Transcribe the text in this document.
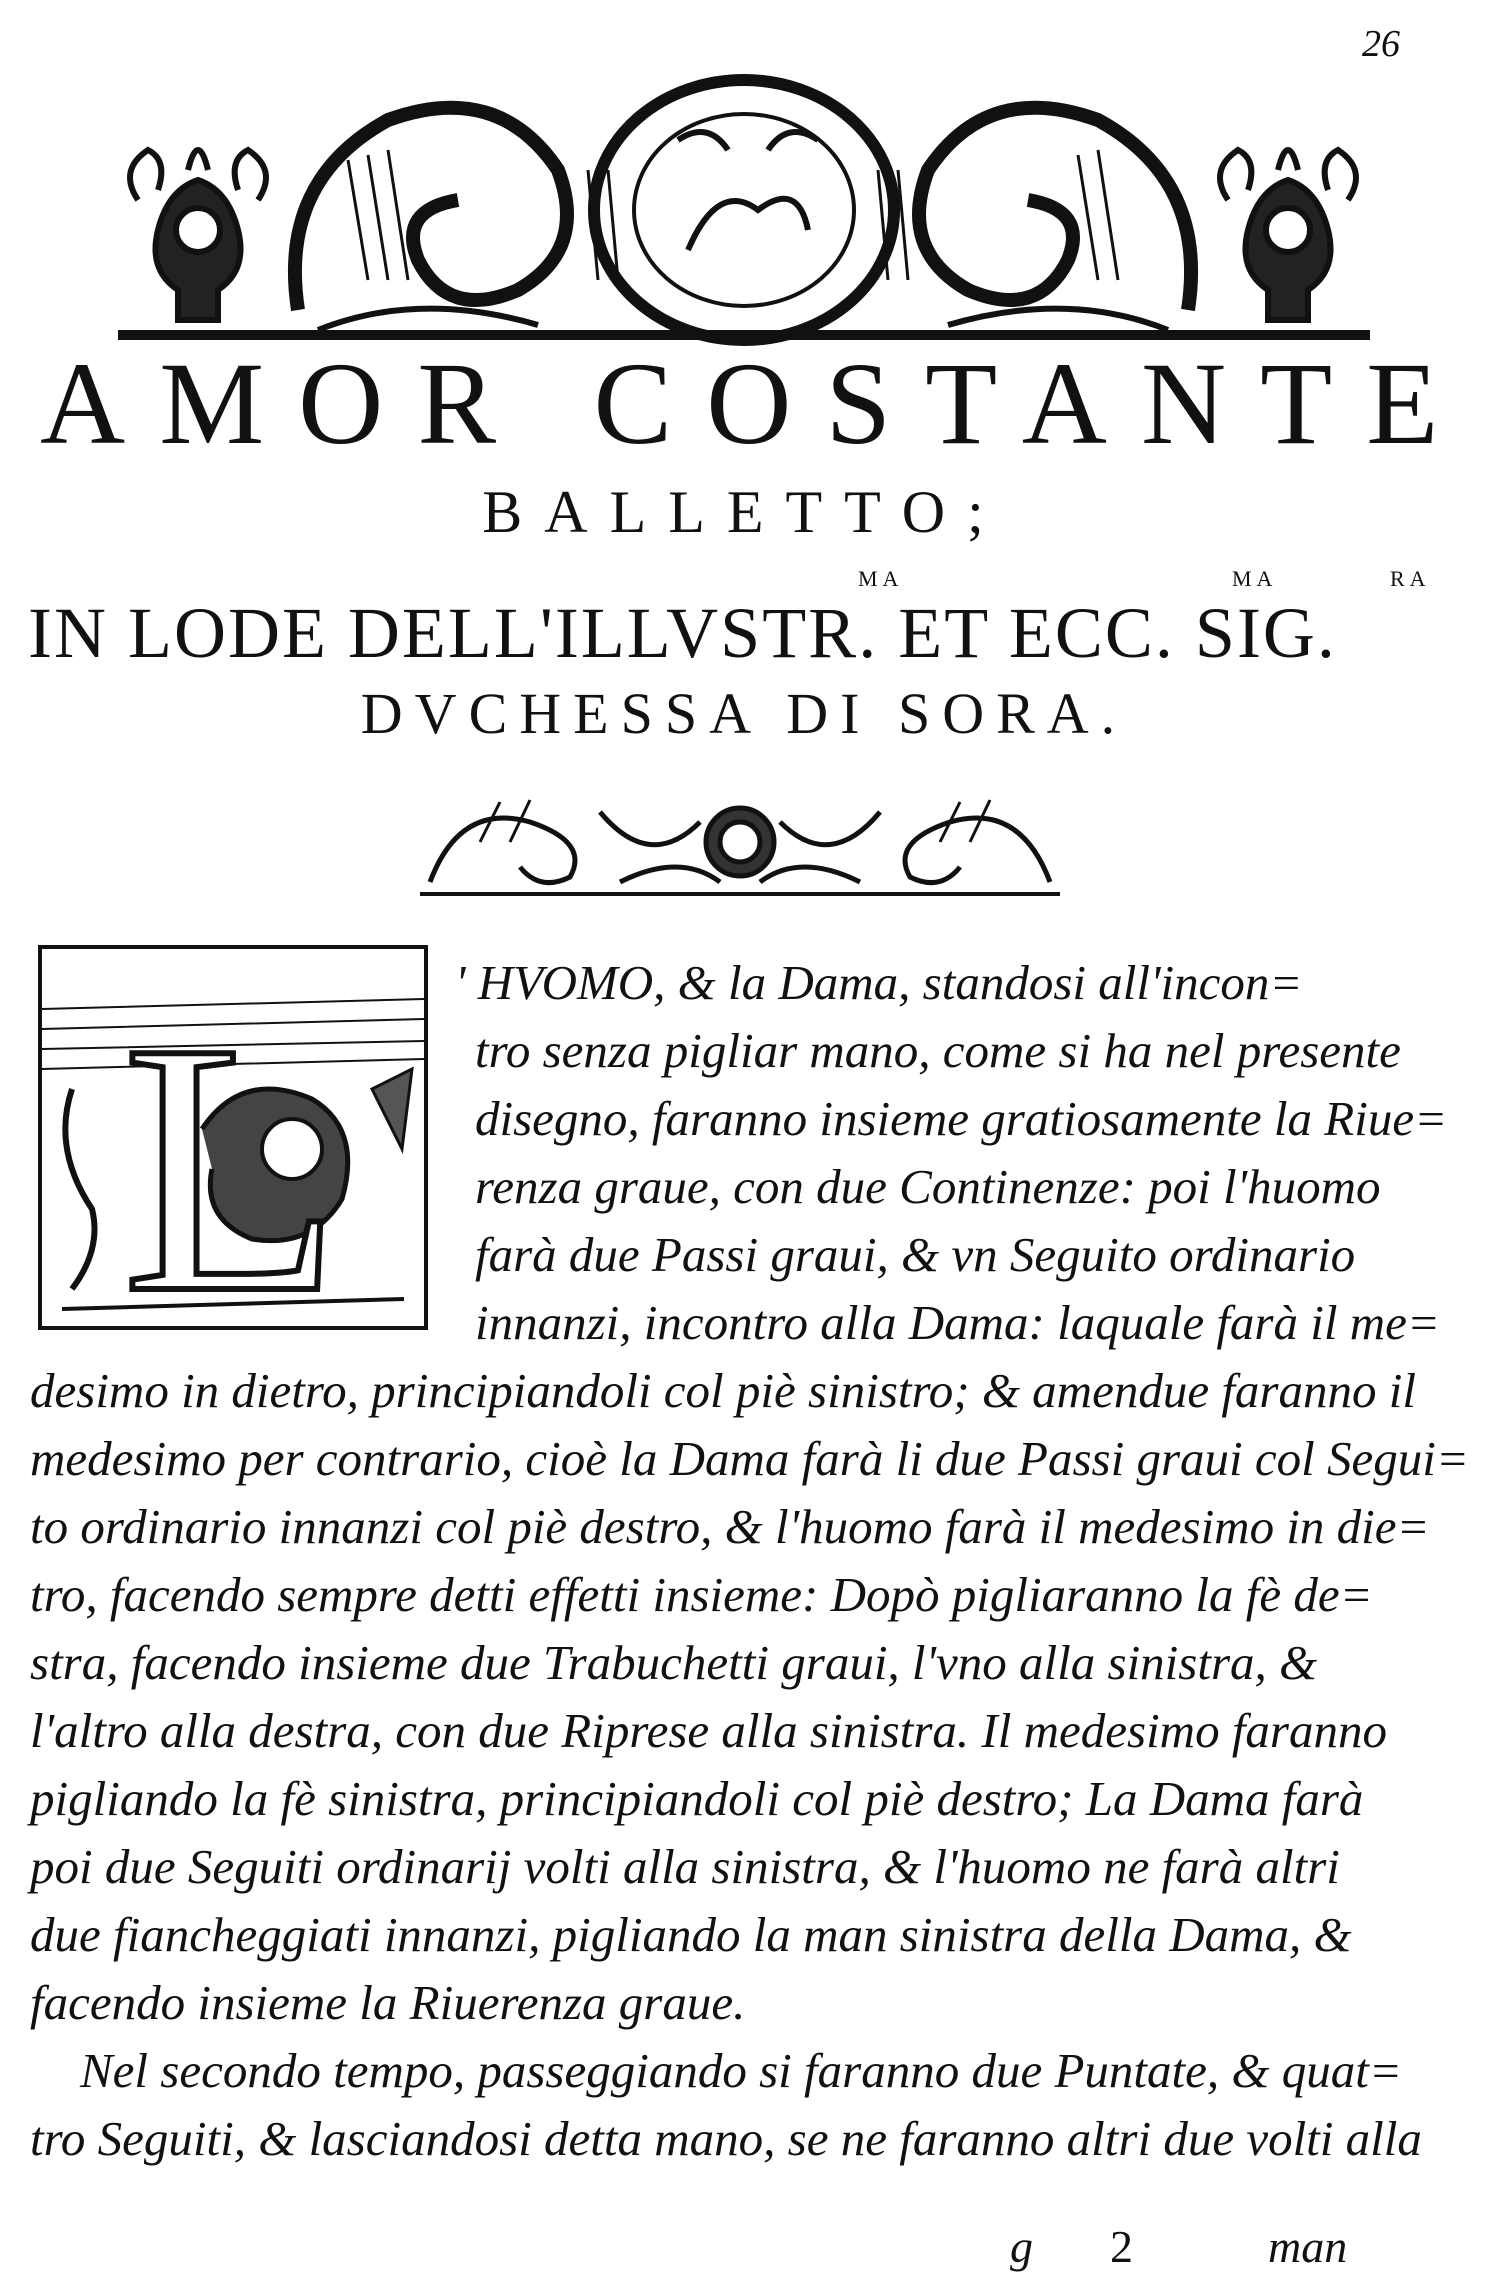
26
AMOR COSTANTE
BALLETTO;
MA	MA	RA
IN LODE DELL'ILLVSTR. ET ECC. SIG.
DVCHESSA DI SORA.
L ' HVOMO, & la Dama, standosi all'incon=
tro senza pigliar mano, come si ha nel presente
disegno, faranno insieme gratiosamente la Riue=
renza graue, con due Continenze: poi l'huomo
farà due Passi graui, & vn Seguito ordinario
innanzi, incontro alla Dama: laquale farà il me=
desimo in dietro, principiandoli col piè sinistro; & amendue faranno il
medesimo per contrario, cioè la Dama farà li due Passi graui col Segui=
to ordinario innanzi col piè destro, & l'huomo farà il medesimo in die=
tro, facendo sempre detti effetti insieme: Dopò pigliaranno la fè de=
stra, facendo insieme due Trabuchetti graui, l'vno alla sinistra, &
l'altro alla destra, con due Riprese alla sinistra. Il medesimo faranno
pigliando la fè sinistra, principiandoli col piè destro; La Dama farà
poi due Seguiti ordinarij volti alla sinistra, & l'huomo ne farà altri
due fiancheggiati innanzi, pigliando la man sinistra della Dama, &
facendo insieme la Riuerenza graue.
Nel secondo tempo, passeggiando si faranno due Puntate, & quat=
tro Seguiti, & lasciandosi detta mano, se ne faranno altri due volti alla
g 2	man
